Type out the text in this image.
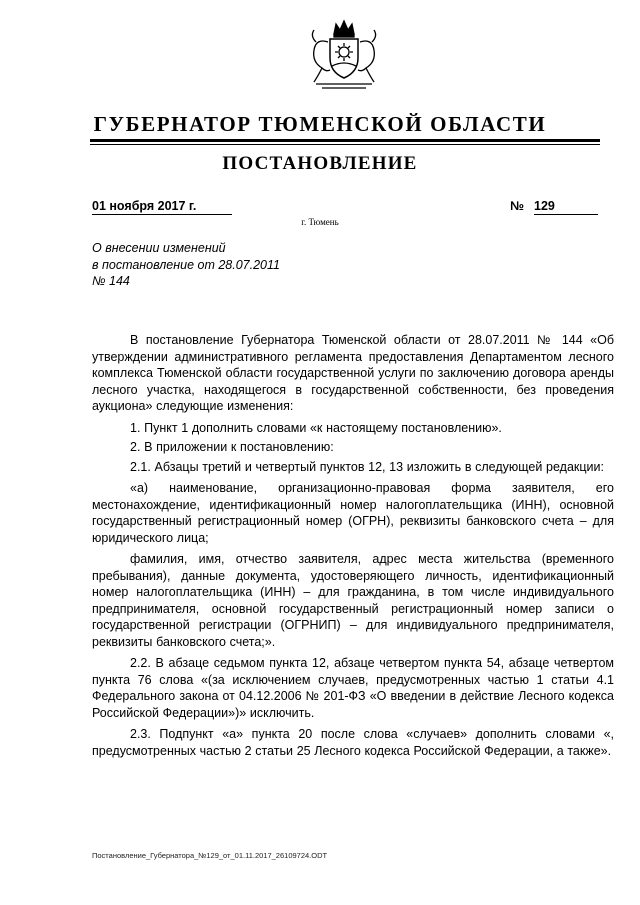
ГУБЕРНАТОР ТЮМЕНСКОЙ ОБЛАСТИ
ПОСТАНОВЛЕНИЕ
01 ноября 2017 г.	№ 129
г. Тюмень
О внесении изменений
в постановление от 28.07.2011
№ 144

В постановление Губернатора Тюменской области от 28.07.2011 № 144 «Об утверждении административного регламента предоставления Департаментом лесного комплекса Тюменской области государственной услуги по заключению договора аренды лесного участка, находящегося в государственной собственности, без проведения аукциона» следующие изменения:

1. Пункт 1 дополнить словами «к настоящему постановлению».

2. В приложении к постановлению:

2.1. Абзацы третий и четвертый пунктов 12, 13 изложить в следующей редакции:

«а) наименование, организационно-правовая форма заявителя, его местонахождение, идентификационный номер налогоплательщика (ИНН), основной государственный регистрационный номер (ОГРН), реквизиты банковского счета – для юридического лица;

фамилия, имя, отчество заявителя, адрес места жительства (временного пребывания), данные документа, удостоверяющего личность, идентификационный номер налогоплательщика (ИНН) – для гражданина, в том числе индивидуального предпринимателя, основной государственный регистрационный номер записи о государственной регистрации (ОГРНИП) – для индивидуального предпринимателя, реквизиты банковского счета;».

2.2. В абзаце седьмом пункта 12, абзаце четвертом пункта 54, абзаце четвертом пункта 76 слова «(за исключением случаев, предусмотренных частью 1 статьи 4.1 Федерального закона от 04.12.2006 № 201-ФЗ «О введении в действие Лесного кодекса Российской Федерации»)» исключить.

2.3. Подпункт «а» пункта 20 после слова «случаев» дополнить словами «, предусмотренных частью 2 статьи 25 Лесного кодекса Российской Федерации, а также».

Постановление_Губернатора_№129_от_01.11.2017_26109724.ODT
